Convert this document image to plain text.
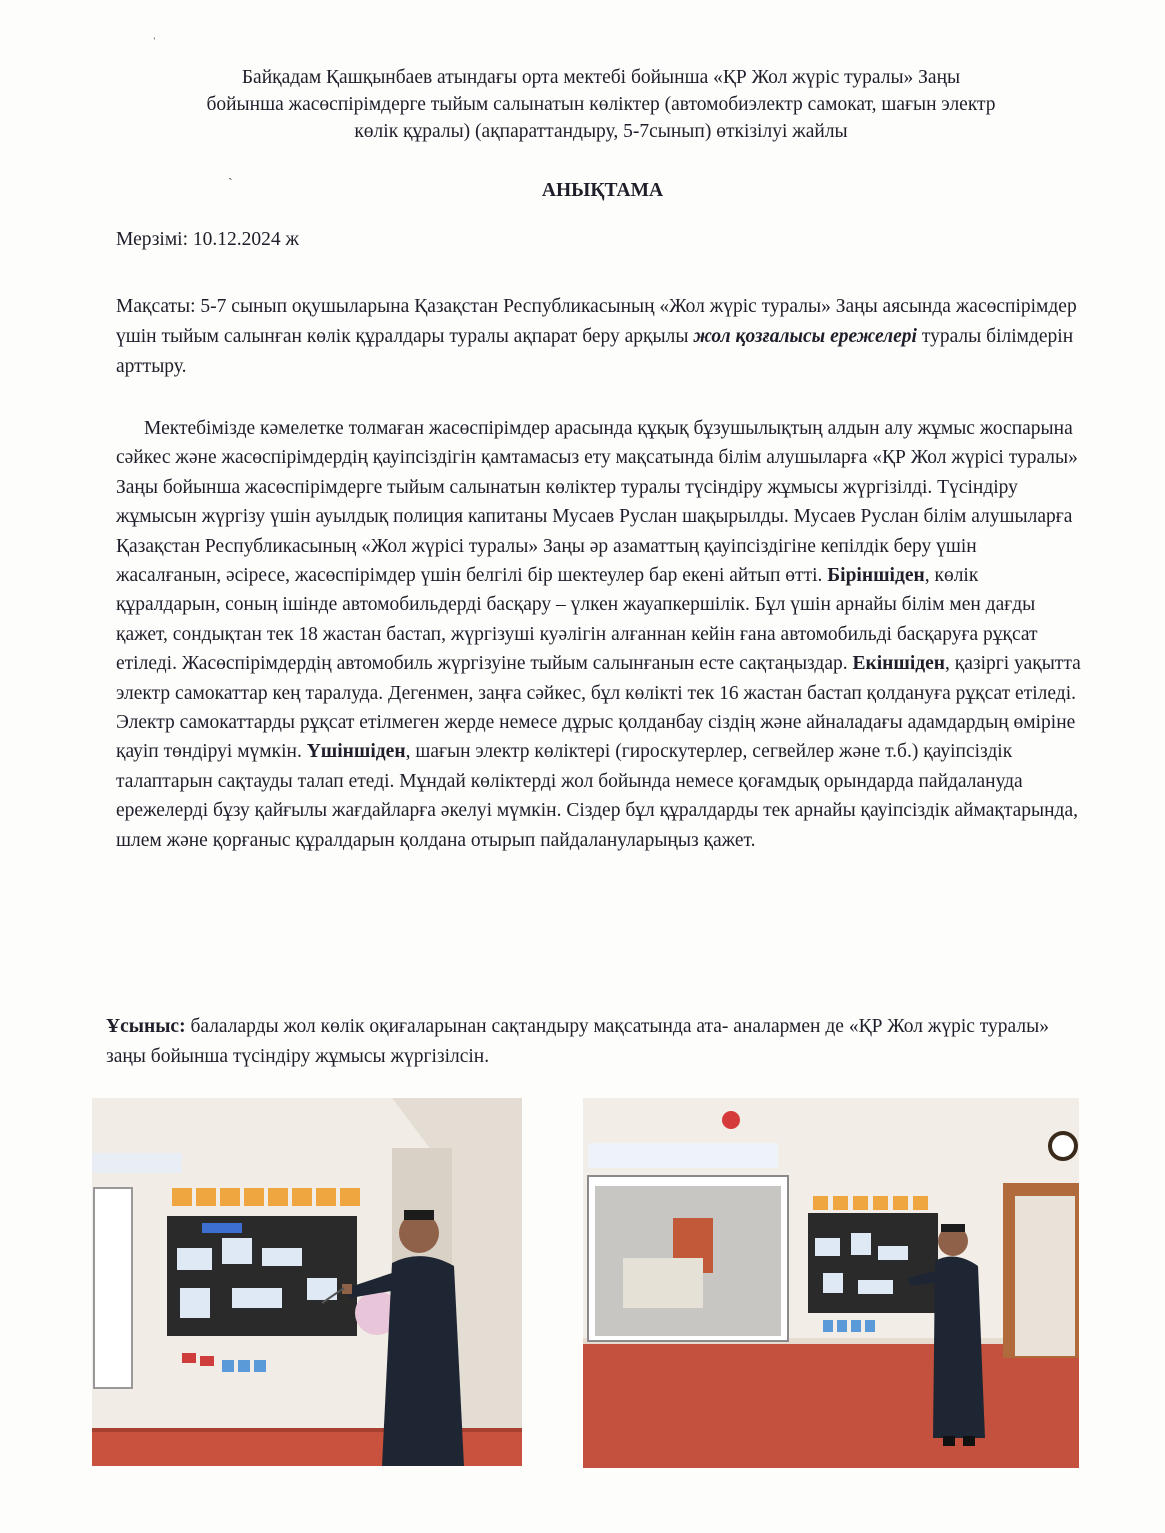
ˈ
ˎ
Байқадам Қашқынбаев атындағы орта мектебі бойынша «ҚР Жол жүріс туралы» Заңы
бойынша жасөспірімдерге тыйым салынатын көліктер (автомобиэлектр самокат, шағын электр
көлік құралы) (ақпараттандыру, 5-7сынып) өткізілуі жайлы
АНЫҚТАМА
Мерзімі: 10.12.2024 ж
Мақсаты: 5-7 сынып оқушыларына Қазақстан Республикасының «Жол жүріс туралы» Заңы аясында жасөспірімдер үшін тыйым салынған көлік құралдары туралы ақпарат беру арқылы жол қозғалысы ережелері туралы білімдерін арттыру.
Мектебімізде кәмелетке толмаған жасөспірімдер арасында құқық бұзушылықтың алдын алу жұмыс жоспарына сәйкес және жасөспірімдердің қауіпсіздігін қамтамасыз ету мақсатында білім алушыларға «ҚР Жол жүрісі туралы» Заңы бойынша жасөспірімдерге тыйым салынатын көліктер туралы түсіндіру жұмысы жүргізілді. Түсіндіру жұмысын жүргізу үшін ауылдық полиция капитаны Мусаев Руслан шақырылды. Мусаев Руслан білім алушыларға Қазақстан Республикасының «Жол жүрісі туралы» Заңы әр азаматтың қауіпсіздігіне кепілдік беру үшін жасалғанын, әсіресе, жасөспірімдер үшін белгілі бір шектеулер бар екені айтып өтті. Біріншіден, көлік құралдарын, соның ішінде автомобильдерді басқару – үлкен жауапкершілік. Бұл үшін арнайы білім мен дағды қажет, сондықтан тек 18 жастан бастап, жүргізуші куәлігін алғаннан кейін ғана автомобильді басқаруға рұқсат етіледі. Жасөспірімдердің автомобиль жүргізуіне тыйым салынғанын есте сақтаңыздар. Екіншіден, қазіргі уақытта электр самокаттар кең таралуда. Дегенмен, заңға сәйкес, бұл көлікті тек 16 жастан бастап қолдануға рұқсат етіледі. Электр самокаттарды рұқсат етілмеген жерде немесе дұрыс қолданбау сіздің және айналадағы адамдардың өміріне қауіп төндіруі мүмкін. Үшіншіден, шағын электр көліктері (гироскутерлер, сегвейлер және т.б.) қауіпсіздік талаптарын сақтауды талап етеді. Мұндай көліктерді жол бойында немесе қоғамдық орындарда пайдалануда ережелерді бұзу қайғылы жағдайларға әкелуі мүмкін. Сіздер бұл құралдарды тек арнайы қауіпсіздік аймақтарында, шлем және қорғаныс құралдарын қолдана отырып пайдалануларыңыз қажет.
Ұсыныс: балаларды жол көлік оқиғаларынан сақтандыру мақсатында ата- аналармен де «ҚР Жол жүріс туралы» заңы бойынша түсіндіру жұмысы жүргізілсін.
